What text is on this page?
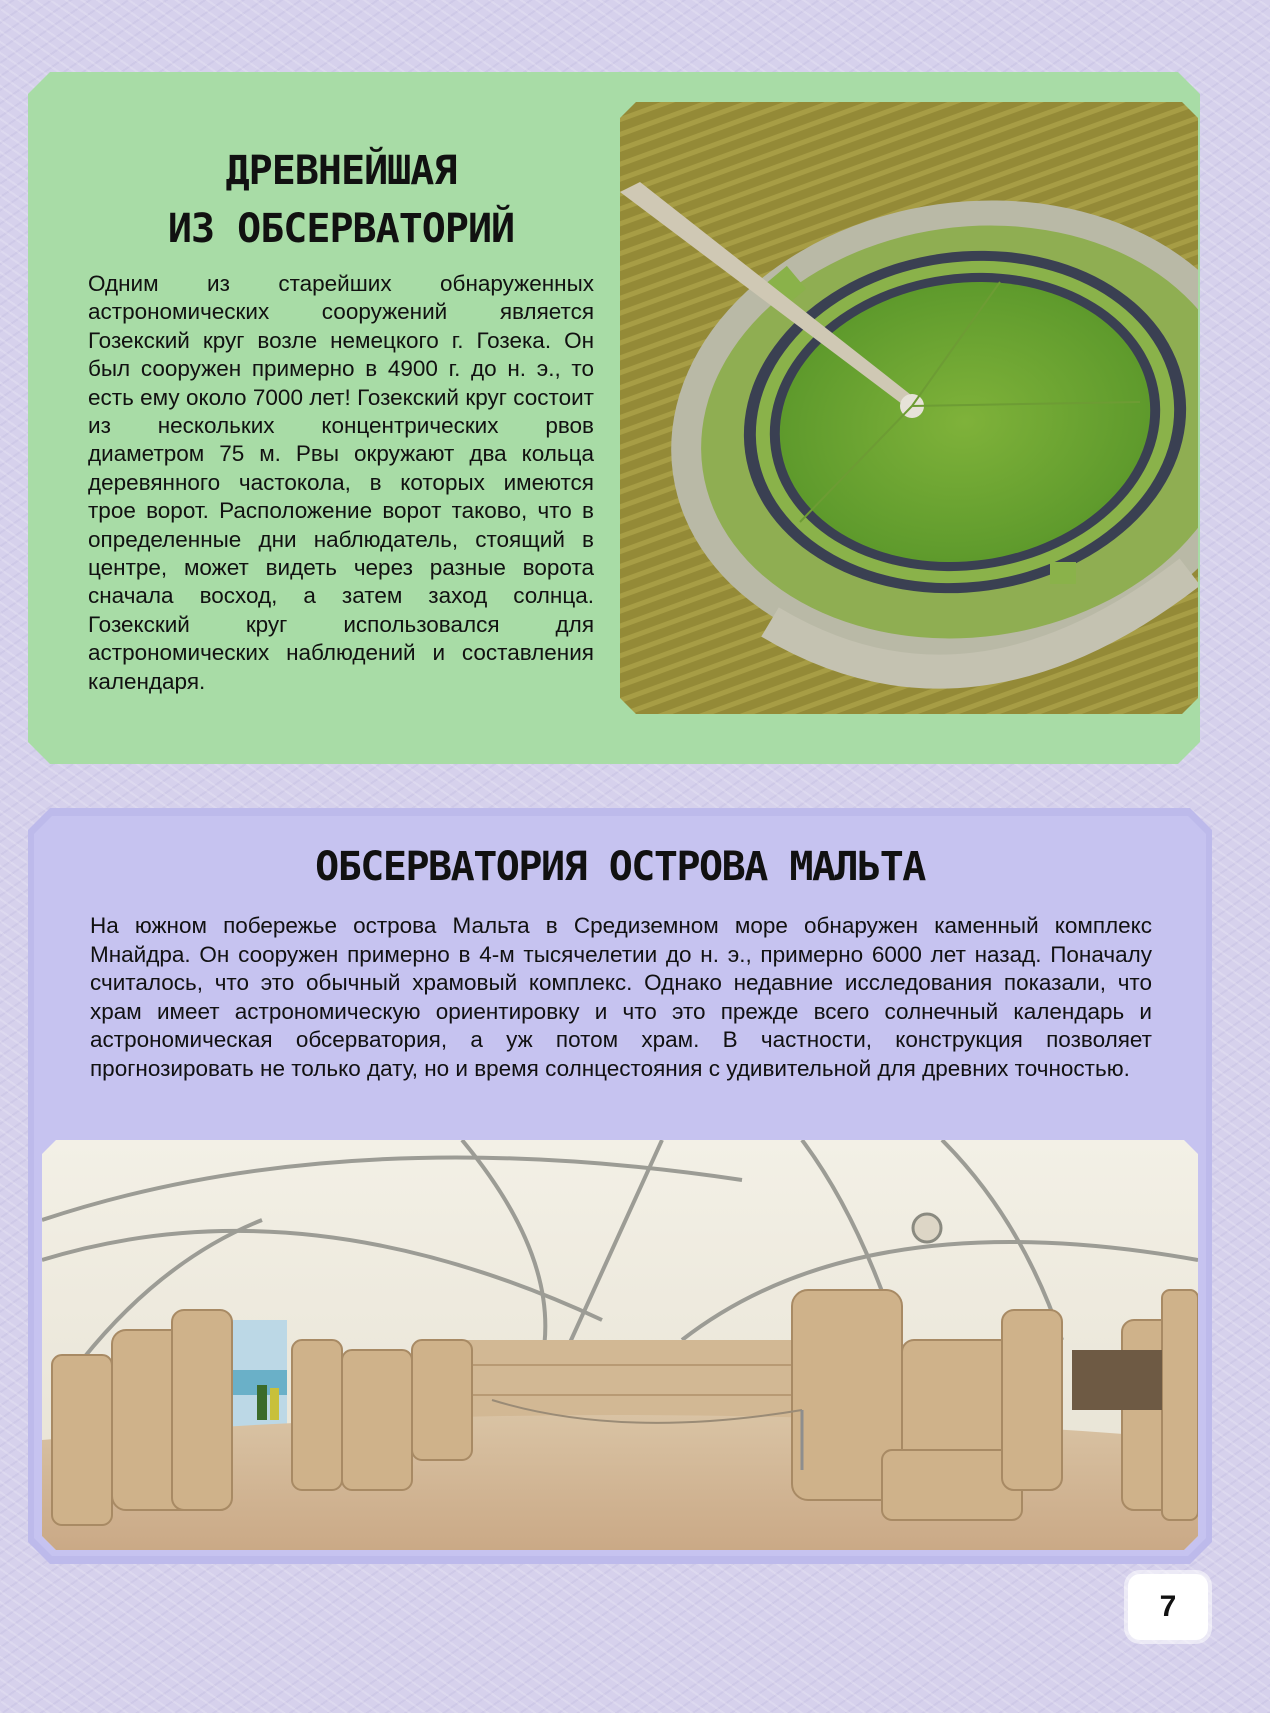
ДРЕВНЕЙШАЯ
ИЗ ОБСЕРВАТОРИЙ

Одним из старейших обнаруженных астрономических сооружений является Гозекский круг возле немецкого г. Гозека. Он был сооружен примерно в 4900 г. до н. э., то есть ему около 7000 лет! Гозекский круг состоит из нескольких концентрических рвов диаметром 75 м. Рвы окружают два кольца деревянного частокола, в которых имеются трое ворот. Расположение ворот таково, что в определенные дни наблюдатель, стоящий в центре, может видеть через разные ворота сначала восход, а затем заход солнца. Гозекский круг использовался для астрономических наблюдений и составления календаря.

ОБСЕРВАТОРИЯ ОСТРОВА МАЛЬТА

На южном побережье острова Мальта в Средиземном море обнаружен каменный комплекс Мнайдра. Он сооружен примерно в 4-м тысячелетии до н. э., примерно 6000 лет назад. Поначалу считалось, что это обычный храмовый комплекс. Однако недавние исследования показали, что храм имеет астрономическую ориентировку и что это прежде всего солнечный календарь и астрономическая обсерватория, а уж потом храм. В частности, конструкция позволяет прогнозировать не только дату, но и время солнцестояния с удивительной для древних точностью.

7
